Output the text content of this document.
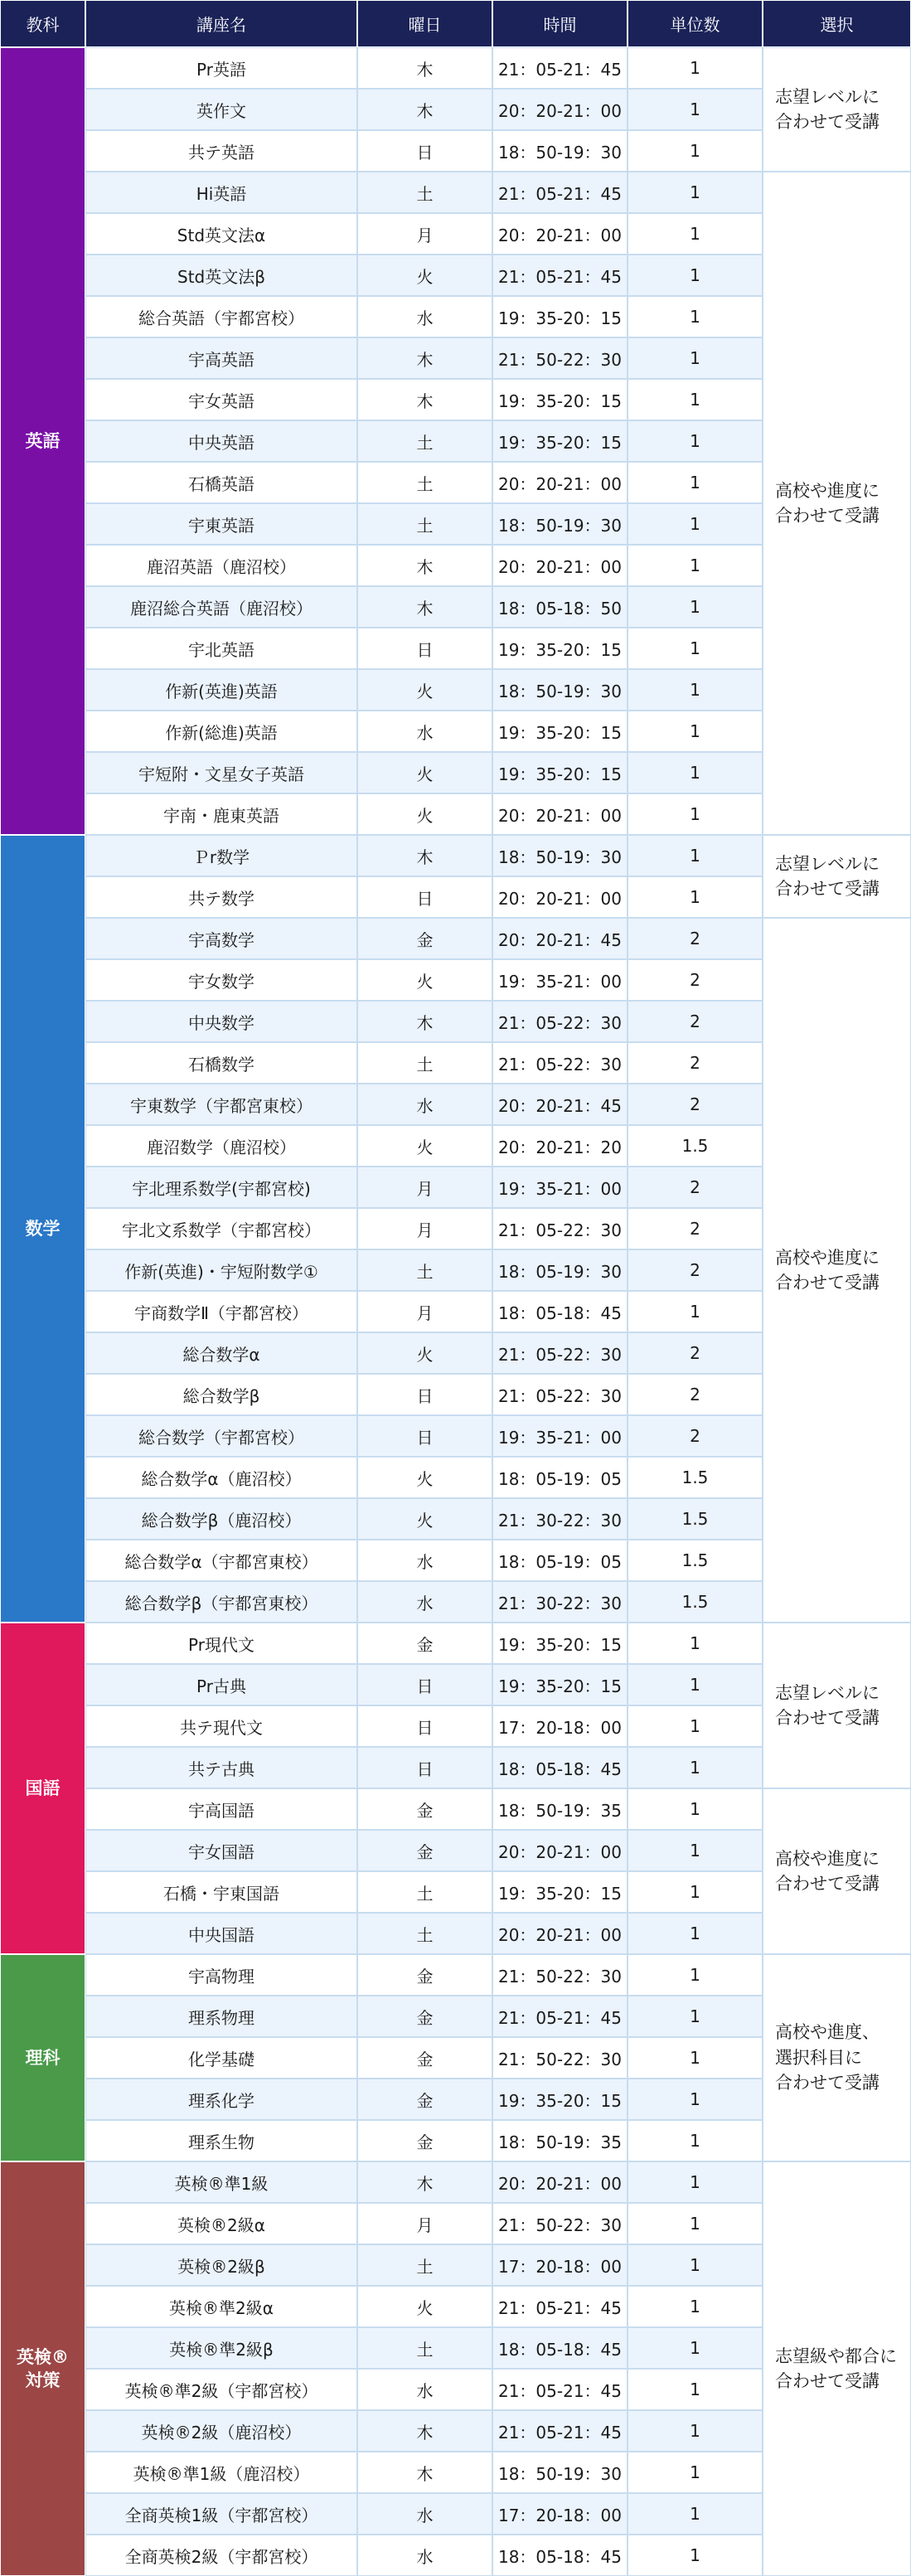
教科	講座名	曜日	時間	単位数	選択
英語	Pr英語	木	21：05-21：45	1	志望レベルに
合わせて受講

	英作文	木	20：20-21：00	1	
	共テ英語	日	18：50-19：30	1	
	Hi英語	土	21：05-21：45	1	高校や進度に
合わせて受講

	Std英文法α	月	20：20-21：00	1	
	Std英文法β	火	21：05-21：45	1	
	総合英語（宇都宮校）	水	19：35-20：15	1	
	宇高英語	木	21：50-22：30	1	
	宇女英語	木	19：35-20：15	1	
	中央英語	土	19：35-20：15	1	
	石橋英語	土	20：20-21：00	1	
	宇東英語	土	18：50-19：30	1	
	鹿沼英語（鹿沼校）	木	20：20-21：00	1	
	鹿沼総合英語（鹿沼校）	木	18：05-18：50	1	
	宇北英語	日	19：35-20：15	1	
	作新(英進)英語	火	18：50-19：30	1	
	作新(総進)英語	水	19：35-20：15	1	
	宇短附・文星女子英語	火	19：35-20：15	1	
	宇南・鹿東英語	火	20：20-21：00	1	
数学	Ｐr数学	木	18：50-19：30	1	志望レベルに
合わせて受講

	共テ数学	日	20：20-21：00	1	
	宇高数学	金	20：20-21：45	2	高校や進度に
合わせて受講

	宇女数学	火	19：35-21：00	2	
	中央数学	木	21：05-22：30	2	
	石橋数学	土	21：05-22：30	2	
	宇東数学（宇都宮東校）	水	20：20-21：45	2	
	鹿沼数学（鹿沼校）	火	20：20-21：20	1.5	
	宇北理系数学(宇都宮校)	月	19：35-21：00	2	
	宇北文系数学（宇都宮校）	月	21：05-22：30	2	
	作新(英進)・宇短附数学①	土	18：05-19：30	2	
	宇商数学Ⅱ（宇都宮校）	月	18：05-18：45	1	
	総合数学α	火	21：05-22：30	2	
	総合数学β	日	21：05-22：30	2	
	総合数学（宇都宮校）	日	19：35-21：00	2	
	総合数学α（鹿沼校）	火	18：05-19：05	1.5	
	総合数学β（鹿沼校）	火	21：30-22：30	1.5	
	総合数学α（宇都宮東校）	水	18：05-19：05	1.5	
	総合数学β（宇都宮東校）	水	21：30-22：30	1.5	
国語	Pr現代文	金	19：35-20：15	1	志望レベルに
合わせて受講

	Pr古典	日	19：35-20：15	1	
	共テ現代文	日	17：20-18：00	1	
	共テ古典	日	18：05-18：45	1	
	宇高国語	金	18：50-19：35	1	高校や進度に
合わせて受講

	宇女国語	金	20：20-21：00	1	
	石橋・宇東国語	土	19：35-20：15	1	
	中央国語	土	20：20-21：00	1	
理科	宇高物理	金	21：50-22：30	1	高校や進度、
選択科目に
合わせて受講

	理系物理	金	21：05-21：45	1	
	化学基礎	金	21：50-22：30	1	
	理系化学	金	19：35-20：15	1	
	理系生物	金	18：50-19：35	1	
英検®
対策	英検®準1級	木	20：20-21：00	1	志望級や都合に
合わせて受講

	英検®2級α	月	21：50-22：30	1	
	英検®2級β	土	17：20-18：00	1	
	英検®準2級α	火	21：05-21：45	1	
	英検®準2級β	土	18：05-18：45	1	
	英検®準2級（宇都宮校）	水	21：05-21：45	1	
	英検®2級（鹿沼校）	木	21：05-21：45	1	
	英検®準1級（鹿沼校）	木	18：50-19：30	1	
	全商英検1級（宇都宮校）	水	17：20-18：00	1	
	全商英検2級（宇都宮校）	水	18：05-18：45	1	
